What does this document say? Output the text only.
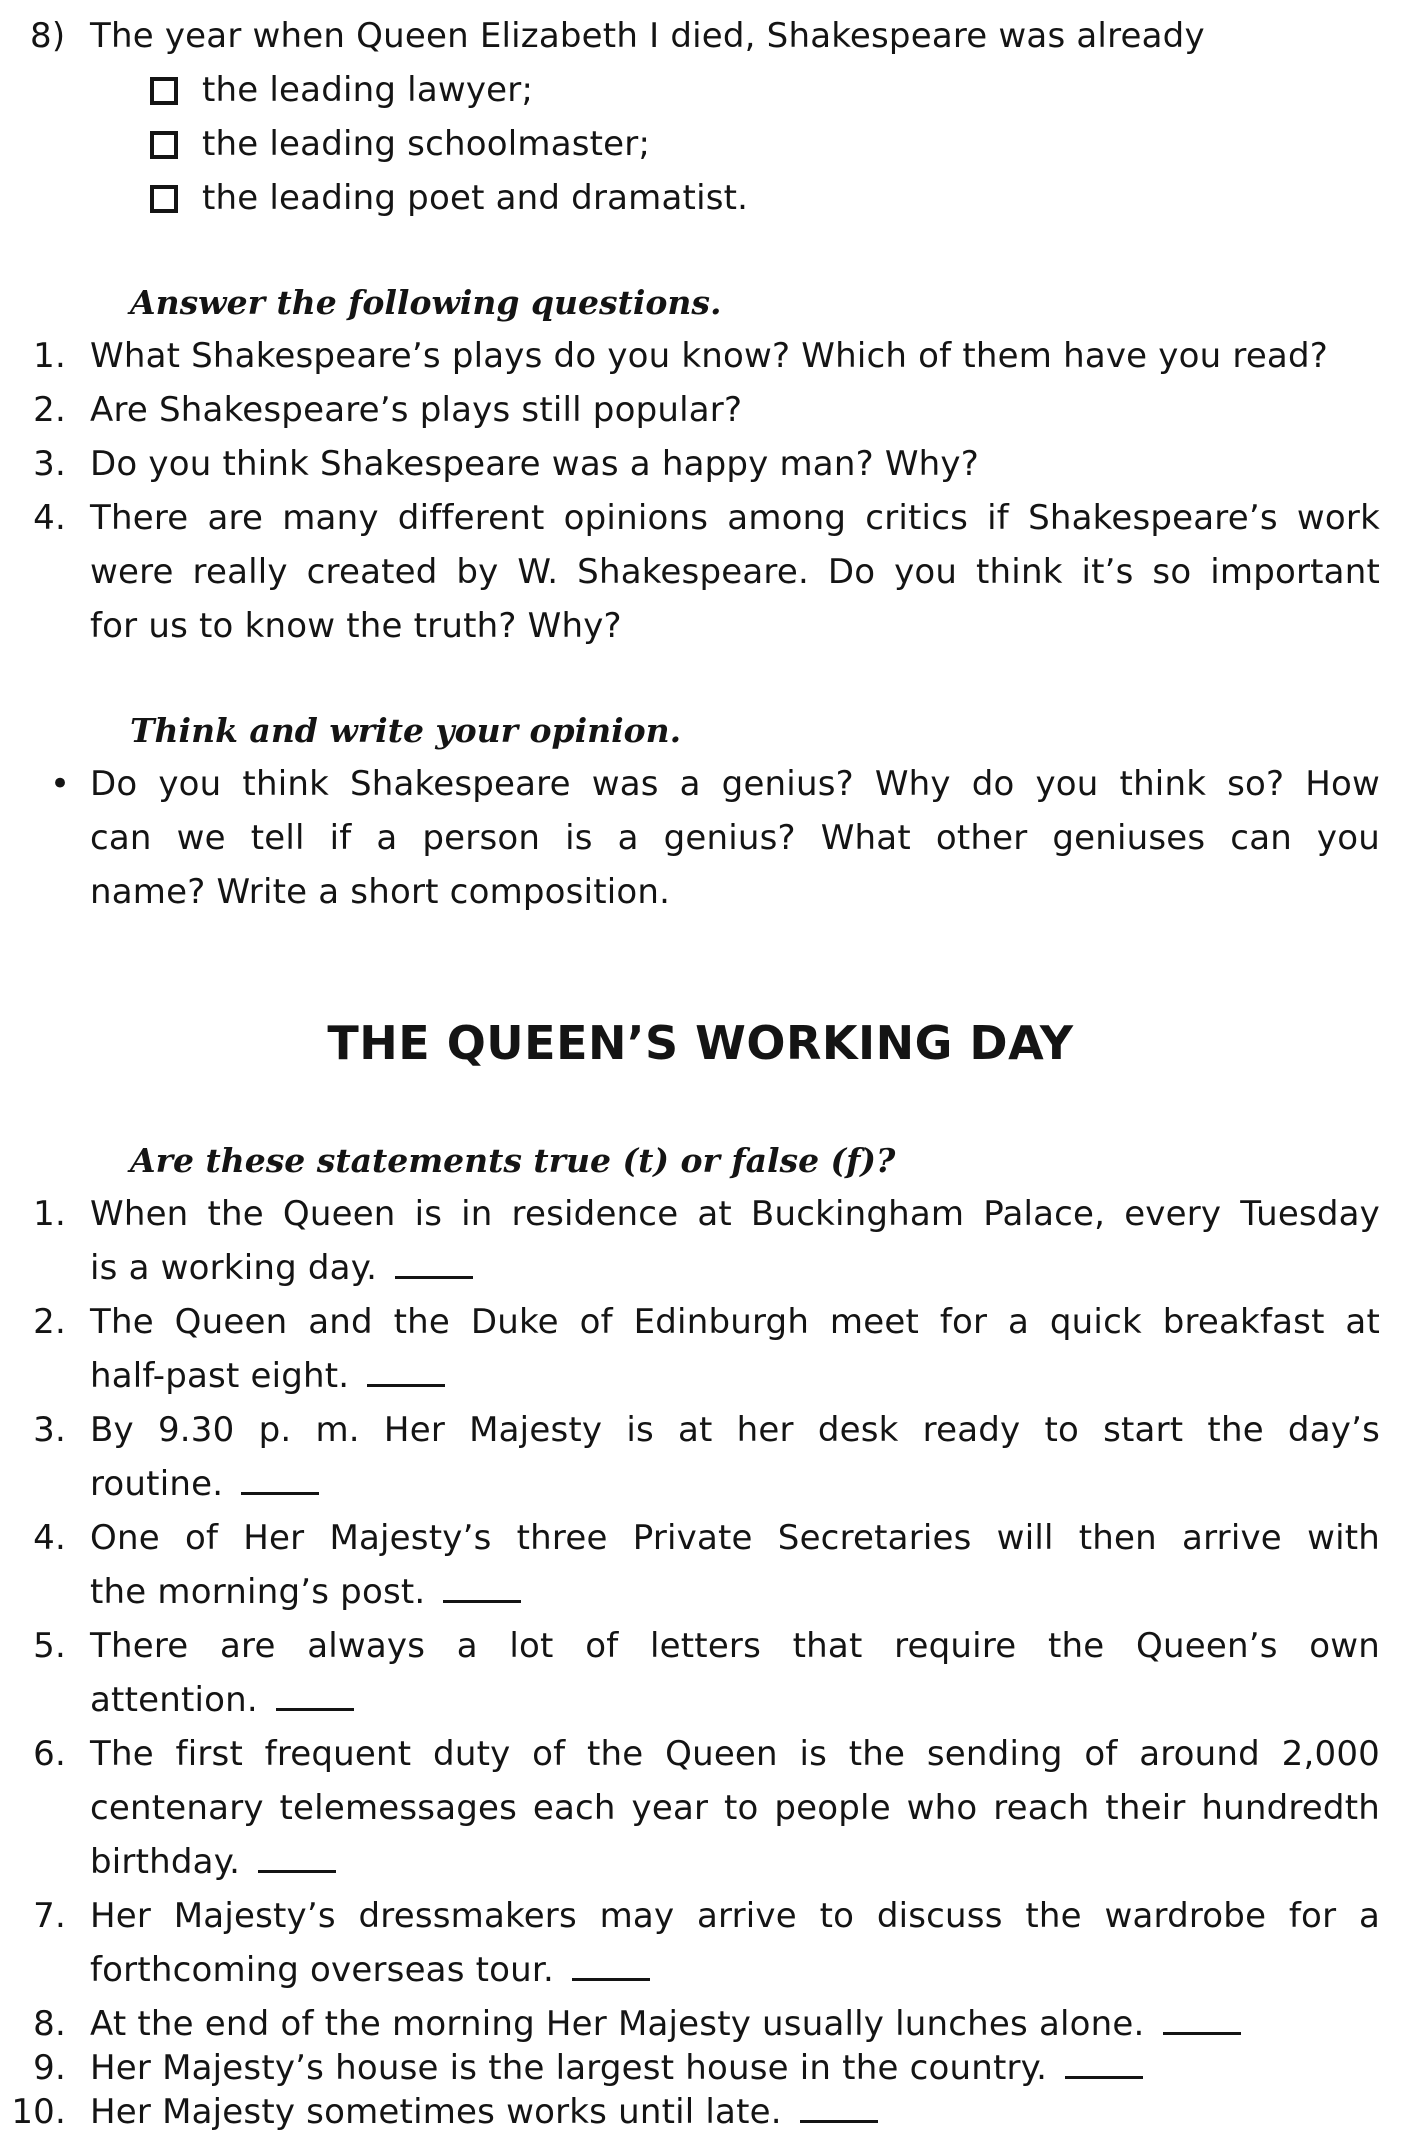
8) The year when Queen Elizabeth I died, Shakespeare was already
the leading lawyer;
the leading schoolmaster;
the leading poet and dramatist.
Answer the following questions.
1. What Shakespeare’s plays do you know? Which of them have you read?
2. Are Shakespeare’s plays still popular?
3. Do you think Shakespeare was a happy man? Why?
4. There are many different opinions among critics if Shakespeare’s work
were really created by W. Shakespeare. Do you think it’s so important
for us to know the truth? Why?
Think and write your opinion.
• Do you think Shakespeare was a genius? Why do you think so? How
can we tell if a person is a genius? What other geniuses can you
name? Write a short composition.
THE QUEEN’S WORKING DAY
Are these statements true (t) or false (f)?
1. When the Queen is in residence at Buckingham Palace, every Tuesday
is a working day.
2. The Queen and the Duke of Edinburgh meet for a quick breakfast at
half-past eight.
3. By 9.30 p. m. Her Majesty is at her desk ready to start the day’s
routine.
4. One of Her Majesty’s three Private Secretaries will then arrive with
the morning’s post.
5. There are always a lot of letters that require the Queen’s own
attention.
6. The first frequent duty of the Queen is the sending of around 2,000
centenary telemessages each year to people who reach their hundredth
birthday.
7. Her Majesty’s dressmakers may arrive to discuss the wardrobe for a
forthcoming overseas tour.
8. At the end of the morning Her Majesty usually lunches alone.
9. Her Majesty’s house is the largest house in the country.
10. Her Majesty sometimes works until late.
